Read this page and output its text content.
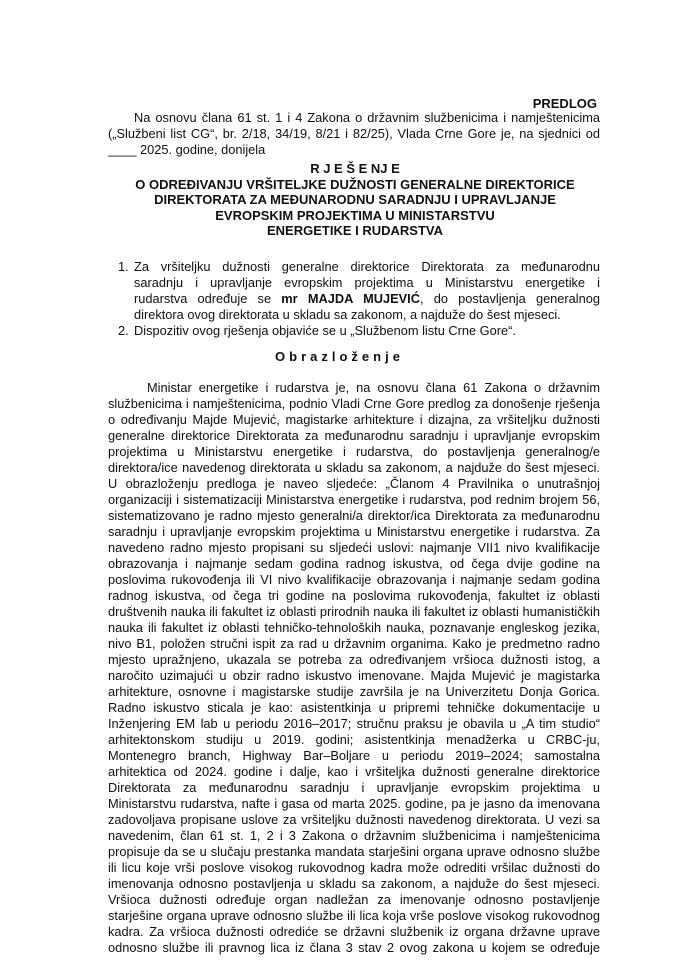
PREDLOG
Na osnovu člana 61 st. 1 i 4 Zakona o državnim službenicima i namještenicima
(„Službeni list CG“, br. 2/18, 34/19, 8/21 i 82/25), Vlada Crne Gore je, na sjednici od
____ 2025. godine, donijela
R J E Š E NJ E
O ODREĐIVANJU VRŠITELJKE DUŽNOSTI GENERALNE DIREKTORICE
DIREKTORATA ZA MEĐUNARODNU SARADNJU I UPRAVLJANJE
EVROPSKIM PROJEKTIMA U MINISTARSTVU
ENERGETIKE I RUDARSTVA
1. Za vršiteljku dužnosti generalne direktorice Direktorata za međunarodnu
saradnju i upravljanje evropskim projektima u Ministarstvu energetike i
rudarstva određuje se mr MAJDA MUJEVIĆ, do postavljenja generalnog
direktora ovog direktorata u skladu sa zakonom, a najduže do šest mjeseci.
2. Dispozitiv ovog rješenja objaviće se u „Službenom listu Crne Gore“.
Obrazloženje
Ministar energetike i rudarstva je, na osnovu člana 61 Zakona o državnim
službenicima i namještenicima, podnio Vladi Crne Gore predlog za donošenje rješenja
o određivanju Majde Mujević, magistarke arhitekture i dizajna, za vršiteljku dužnosti
generalne direktorice Direktorata za međunarodnu saradnju i upravljanje evropskim
projektima u Ministarstvu energetike i rudarstva, do postavljenja generalnog/e
direktora/ice navedenog direktorata u skladu sa zakonom, a najduže do šest mjeseci.
U obrazloženju predloga je naveo sljedeće: „Članom 4 Pravilnika o unutrašnjoj
organizaciji i sistematizaciji Ministarstva energetike i rudarstva, pod rednim brojem 56,
sistematizovano je radno mjesto generalni/a direktor/ica Direktorata za međunarodnu
saradnju i upravljanje evropskim projektima u Ministarstvu energetike i rudarstva. Za
navedeno radno mjesto propisani su sljedeći uslovi: najmanje VII1 nivo kvalifikacije
obrazovanja i najmanje sedam godina radnog iskustva, od čega dvije godine na
poslovima rukovođenja ili VI nivo kvalifikacije obrazovanja i najmanje sedam godina
radnog iskustva, od čega tri godine na poslovima rukovođenja, fakultet iz oblasti
društvenih nauka ili fakultet iz oblasti prirodnih nauka ili fakultet iz oblasti humanističkih
nauka ili fakultet iz oblasti tehničko-tehnoloških nauka, poznavanje engleskog jezika,
nivo B1, položen stručni ispit za rad u državnim organima. Kako je predmetno radno
mjesto upražnjeno, ukazala se potreba za određivanjem vršioca dužnosti istog, a
naročito uzimajući u obzir radno iskustvo imenovane. Majda Mujević je magistarka
arhitekture, osnovne i magistarske studije završila je na Univerzitetu Donja Gorica.
Radno iskustvo sticala je kao: asistentkinja u pripremi tehničke dokumentacije u
Inženjering EM lab u periodu 2016–2017; stručnu praksu je obavila u „A tim studio“
arhitektonskom studiju u 2019. godini; asistentkinja menadžerka u CRBC-ju,
Montenegro branch, Highway Bar–Boljare u periodu 2019–2024; samostalna
arhitektica od 2024. godine i dalje, kao i vršiteljka dužnosti generalne direktorice
Direktorata za međunarodnu saradnju i upravljanje evropskim projektima u
Ministarstvu rudarstva, nafte i gasa od marta 2025. godine, pa je jasno da imenovana
zadovoljava propisane uslove za vršiteljku dužnosti navedenog direktorata. U vezi sa
navedenim, član 61 st. 1, 2 i 3 Zakona o državnim službenicima i namještenicima
propisuje da se u slučaju prestanka mandata starješini organa uprave odnosno službe
ili licu koje vrši poslove visokog rukovodnog kadra može odrediti vršilac dužnosti do
imenovanja odnosno postavljenja u skladu sa zakonom, a najduže do šest mjeseci.
Vršioca dužnosti određuje organ nadležan za imenovanje odnosno postavljenje
starješine organa uprave odnosno službe ili lica koja vrše poslove visokog rukovodnog
kadra. Za vršioca dužnosti odrediće se državni službenik iz organa državne uprave
odnosno službe ili pravnog lica iz člana 3 stav 2 ovog zakona u kojem se određuje
